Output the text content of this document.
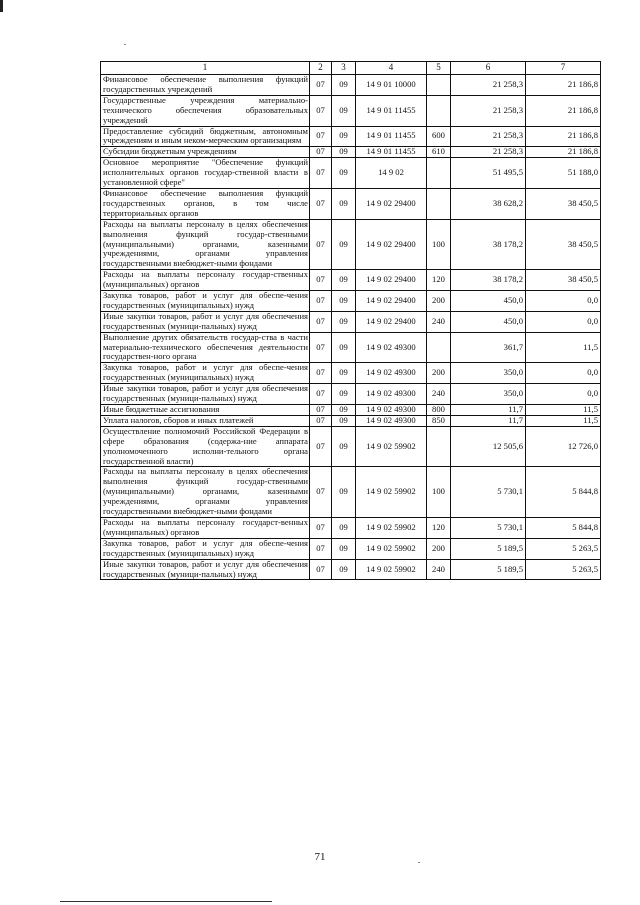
1	2	3	4	5	6	7
Финансовое обеспечение выполнения функций государственных учреждений	07	09	14 9 01 10000		21 258,3	21 186,8
Государственные учреждения материально-технического обеспечения образовательных учреждений	07	09	14 9 01 11455		21 258,3	21 186,8
Предоставление субсидий бюджетным, автономным учреждениям и иным неком-мерческим организациям	07	09	14 9 01 11455	600	21 258,3	21 186,8
Субсидии бюджетным учреждениям	07	09	14 9 01 11455	610	21 258,3	21 186,8
Основное мероприятие "Обеспечение функций исполнительных органов государ-ственной власти в установленной сфере"	07	09	14 9 02		51 495,5	51 188,0
Финансовое обеспечение выполнения функций государственных органов, в том числе территориальных органов	07	09	14 9 02 29400		38 628,2	38 450,5
Расходы на выплаты персоналу в целях обеспечения выполнения функций государ-ственными (муниципальными) органами, казенными учреждениями, органами управления государственными внебюджет-ными фондами	07	09	14 9 02 29400	100	38 178,2	38 450,5
Расходы на выплаты персоналу государ-ственных (муниципальных) органов	07	09	14 9 02 29400	120	38 178,2	38 450,5
Закупка товаров, работ и услуг для обеспе-чения государственных (муниципальных) нужд	07	09	14 9 02 29400	200	450,0	0,0
Иные закупки товаров, работ и услуг для обеспечения государственных (муници-пальных) нужд	07	09	14 9 02 29400	240	450,0	0,0
Выполнение других обязательств государ-ства в части материально-технического обеспечения деятельности государствен-ного органа	07	09	14 9 02 49300		361,7	11,5
Закупка товаров, работ и услуг для обеспе-чения государственных (муниципальных) нужд	07	09	14 9 02 49300	200	350,0	0,0
Иные закупки товаров, работ и услуг для обеспечения государственных (муници-пальных) нужд	07	09	14 9 02 49300	240	350,0	0,0
Иные бюджетные ассигнования	07	09	14 9 02 49300	800	11,7	11,5
Уплата налогов, сборов и иных платежей	07	09	14 9 02 49300	850	11,7	11,5
Осуществление полномочий Российской Федерации в сфере образования (содержа-ние аппарата уполномоченного исполни-тельного органа государственной власти)	07	09	14 9 02 59902		12 505,6	12 726,0
Расходы на выплаты персоналу в целях обеспечения выполнения функций государ-ственными (муниципальными) органами, казенными учреждениями, органами управления государственными внебюджет-ными фондами	07	09	14 9 02 59902	100	5 730,1	5 844,8
Расходы на выплаты персоналу государст-венных (муниципальных) органов	07	09	14 9 02 59902	120	5 730,1	5 844,8
Закупка товаров, работ и услуг для обеспе-чения государственных (муниципальных) нужд	07	09	14 9 02 59902	200	5 189,5	5 263,5
Иные закупки товаров, работ и услуг для обеспечения государственных (муници-пальных) нужд	07	09	14 9 02 59902	240	5 189,5	5 263,5
71
